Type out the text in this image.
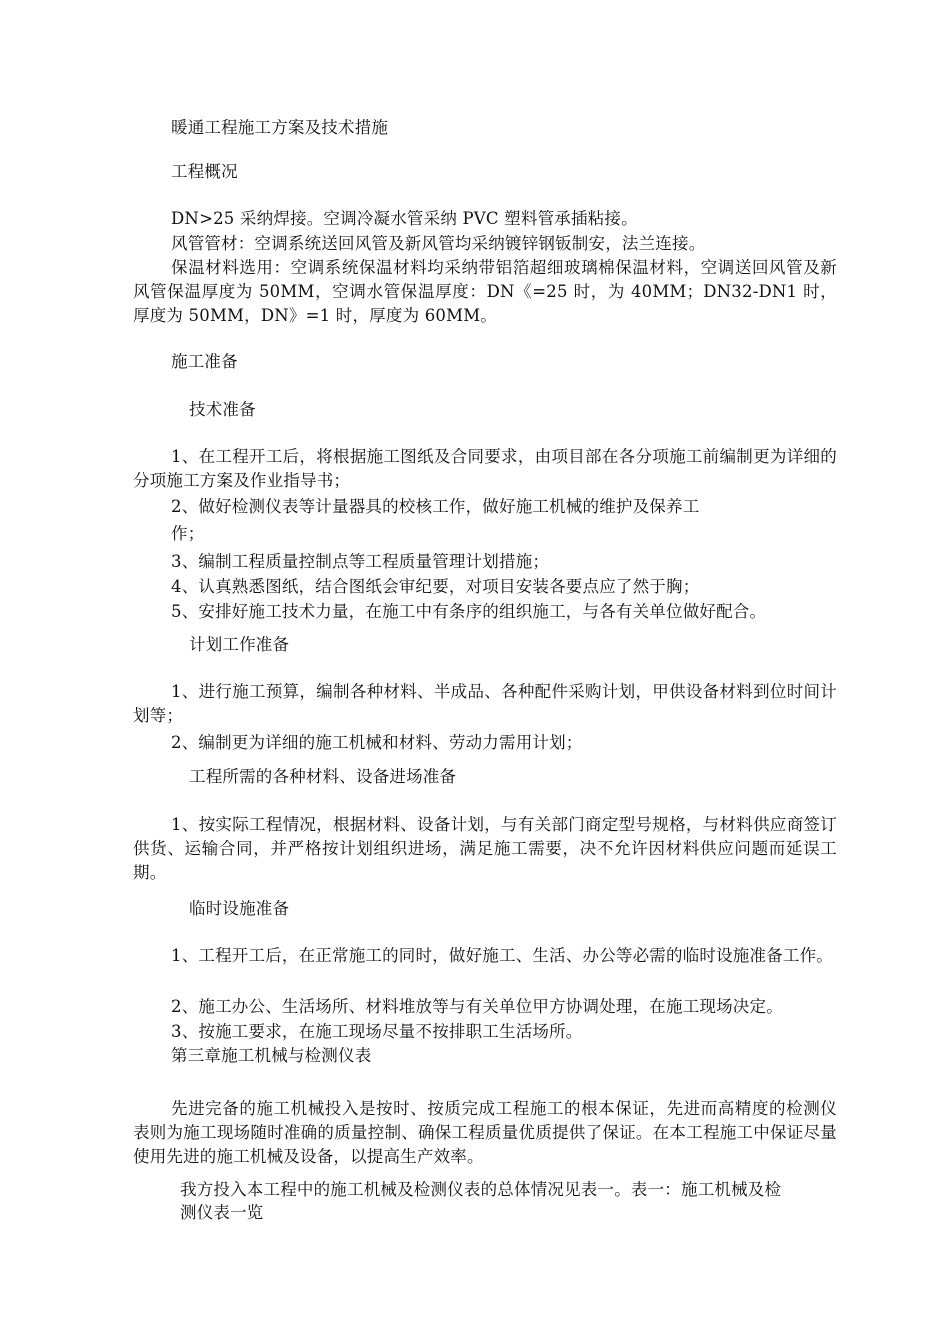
暖通工程施工方案及技术措施
工程概况
DN>25 采纳焊接。空调冷凝水管采纳 PVC 塑料管承插粘接。
风管管材：空调系统送回风管及新风管均采纳镀锌钢钣制安，法兰连接。
保温材料选用：空调系统保温材料均采纳带铝箔超细玻璃棉保温材料，空调送回风管及新风管保温厚度为 50MM，空调水管保温厚度：DN《=25 时，为 40MM；DN32-DN1 时，厚度为 50MM，DN》=1 时，厚度为 60MM。
施工准备
技术准备
1、在工程开工后，将根据施工图纸及合同要求，由项目部在各分项施工前编制更为详细的分项施工方案及作业指导书；
2、做好检测仪表等计量器具的校核工作，做好施工机械的维护及保养工
作；
3、编制工程质量控制点等工程质量管理计划措施；
4、认真熟悉图纸，结合图纸会审纪要，对项目安装各要点应了然于胸；
5、安排好施工技术力量，在施工中有条序的组织施工，与各有关单位做好配合。
计划工作准备
1、进行施工预算，编制各种材料、半成品、各种配件采购计划，甲供设备材料到位时间计划等；
2、编制更为详细的施工机械和材料、劳动力需用计划；
工程所需的各种材料、设备进场准备
1、按实际工程情况，根据材料、设备计划，与有关部门商定型号规格，与材料供应商签订供货、运输合同，并严格按计划组织进场，满足施工需要，决不允许因材料供应问题而延误工期。
临时设施准备
1、工程开工后，在正常施工的同时，做好施工、生活、办公等必需的临时设施准备工作。
2、施工办公、生活场所、材料堆放等与有关单位甲方协调处理，在施工现场决定。
3、按施工要求，在施工现场尽量不按排职工生活场所。
第三章施工机械与检测仪表
先进完备的施工机械投入是按时、按质完成工程施工的根本保证，先进而高精度的检测仪表则为施工现场随时准确的质量控制、确保工程质量优质提供了保证。在本工程施工中保证尽量使用先进的施工机械及设备，以提高生产效率。
我方投入本工程中的施工机械及检测仪表的总体情况见表一。表一：施工机械及检
测仪表一览
